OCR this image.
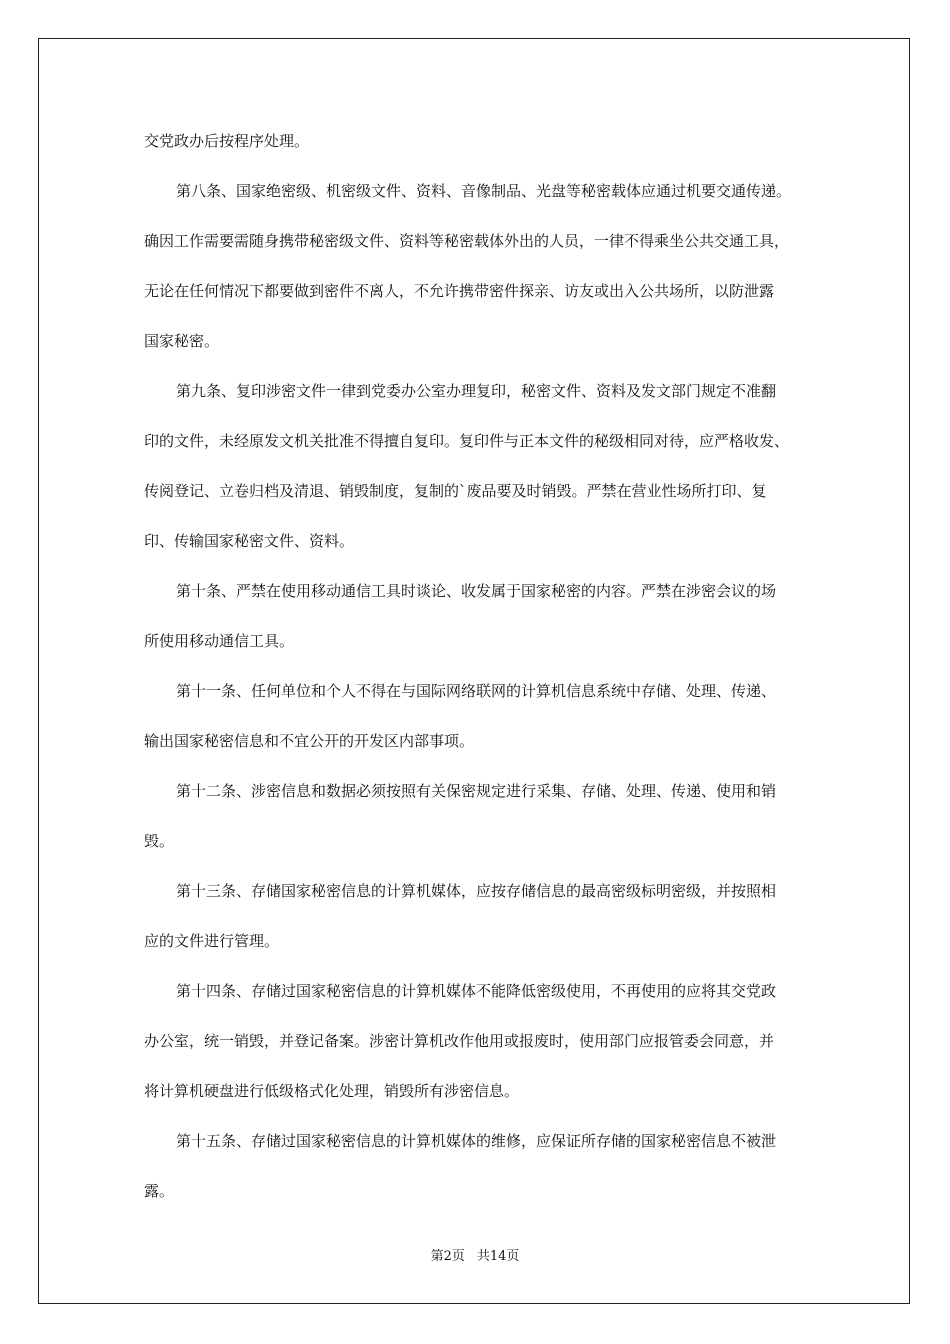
交党政办后按程序处理。
第八条、国家绝密级、机密级文件、资料、音像制品、光盘等秘密载体应通过机要交通传递。
确因工作需要需随身携带秘密级文件、资料等秘密载体外出的人员，一律不得乘坐公共交通工具，
无论在任何情况下都要做到密件不离人，不允许携带密件探亲、访友或出入公共场所，以防泄露
国家秘密。
第九条、复印涉密文件一律到党委办公室办理复印，秘密文件、资料及发文部门规定不准翻
印的文件，未经原发文机关批准不得擅自复印。复印件与正本文件的秘级相同对待，应严格收发、
传阅登记、立卷归档及清退、销毁制度，复制的`废品要及时销毁。严禁在营业性场所打印、复
印、传输国家秘密文件、资料。
第十条、严禁在使用移动通信工具时谈论、收发属于国家秘密的内容。严禁在涉密会议的场
所使用移动通信工具。
第十一条、任何单位和个人不得在与国际网络联网的计算机信息系统中存储、处理、传递、
输出国家秘密信息和不宜公开的开发区内部事项。
第十二条、涉密信息和数据必须按照有关保密规定进行采集、存储、处理、传递、使用和销
毁。
第十三条、存储国家秘密信息的计算机媒体，应按存储信息的最高密级标明密级，并按照相
应的文件进行管理。
第十四条、存储过国家秘密信息的计算机媒体不能降低密级使用，不再使用的应将其交党政
办公室，统一销毁，并登记备案。涉密计算机改作他用或报废时，使用部门应报管委会同意，并
将计算机硬盘进行低级格式化处理，销毁所有涉密信息。
第十五条、存储过国家秘密信息的计算机媒体的维修，应保证所存储的国家秘密信息不被泄
露。
第2页 共14页
